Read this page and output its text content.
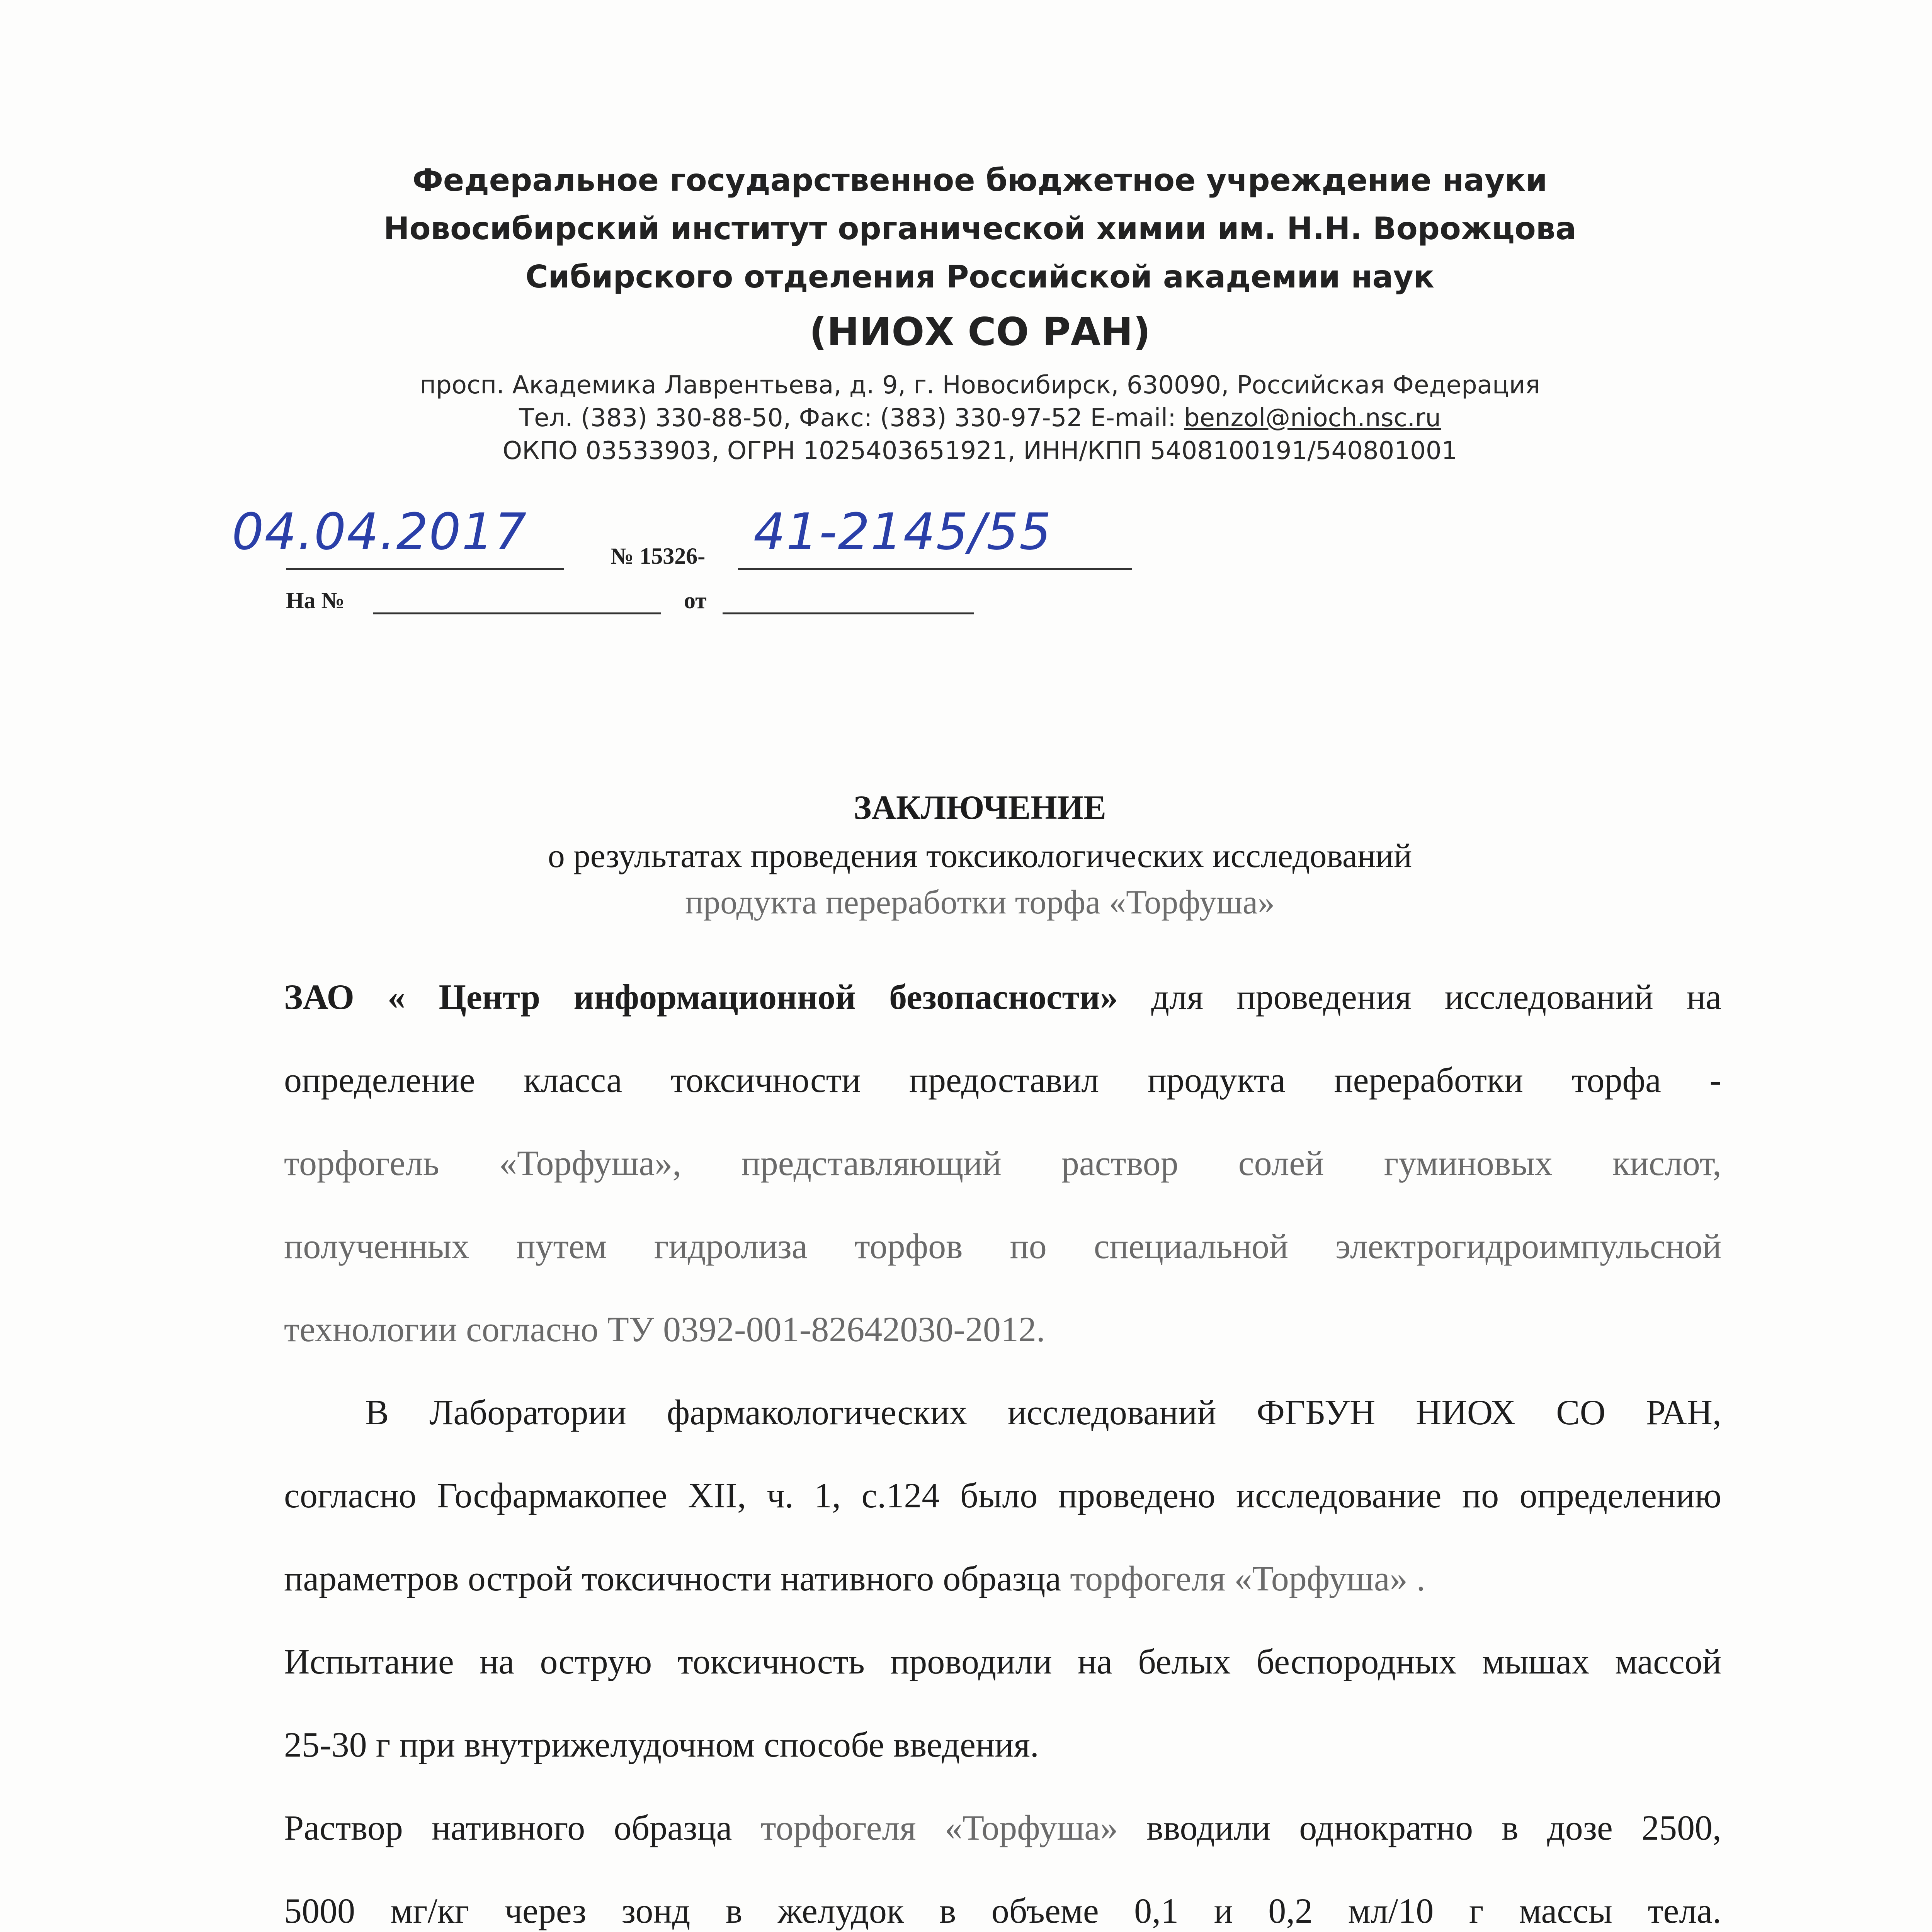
Федеральное государственное бюджетное учреждение науки
Новосибирский институт органической химии им. Н.Н. Ворожцова
Сибирского отделения Российской академии наук
(НИОХ СО РАН)
просп. Академика Лаврентьева, д. 9, г. Новосибирск, 630090, Российская Федерация
Тел. (383) 330-88-50, Факс: (383) 330-97-52 E-mail: benzol@nioch.nsc.ru
ОКПО 03533903, ОГРН 1025403651921, ИНН/КПП 5408100191/540801001
04.04.2017	№ 15326- 41-2145/55
На №	от
ЗАКЛЮЧЕНИЕ
о результатах проведения токсикологических исследований
продукта переработки торфа «Торфуша»
ЗАО « Центр информационной безопасности» для проведения исследований на
определение класса токсичности предоставил продукта переработки торфа -
торфогель «Торфуша», представляющий раствор солей гуминовых кислот,
полученных путем гидролиза торфов по специальной электрогидроимпульсной
технологии согласно ТУ 0392-001-82642030-2012.
В Лаборатории фармакологических исследований ФГБУН НИОХ СО РАН,
согласно Госфармакопее XII, ч. 1, с.124 было проведено исследование по определению
параметров острой токсичности нативного образца торфогеля «Торфуша» .
Испытание на острую токсичность проводили на белых беспородных мышах массой
25-30 г при внутрижелудочном способе введения.
Раствор нативного образца торфогеля «Торфуша» вводили однократно в дозе 2500,
5000 мг/кг через зонд в желудок в объеме 0,1 и 0,2 мл/10 г массы тела.
